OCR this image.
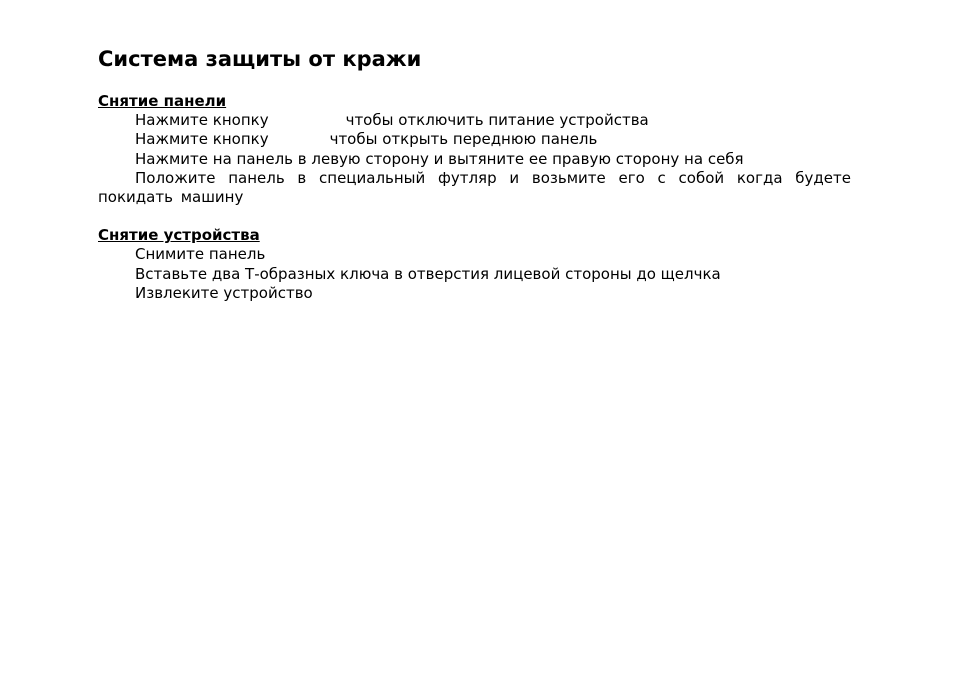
Система защиты от кражи

Снятие панели

Нажмите кнопку	чтобы отключить питание устройства

Нажмите кнопку	чтобы открыть переднюю панель

Нажмите на панель в левую сторону и вытяните ее правую сторону на себя

Положите панель в специальный футляр и возьмите его с собой когда будете покидать машину

Снятие устройства

Снимите панель

Вставьте два Т-образных ключа в отверстия лицевой стороны до щелчка

Извлеките устройство
